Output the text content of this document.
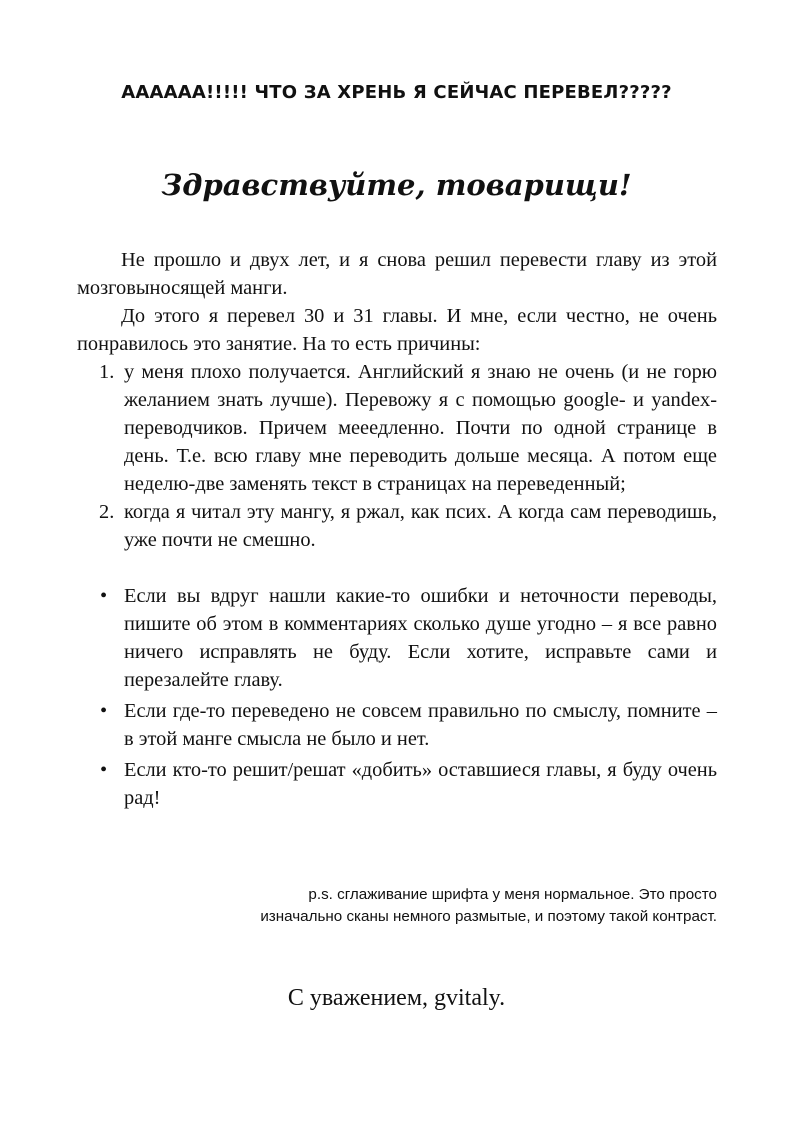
АААААA!!!!! ЧТО ЗА ХРЕНЬ Я СЕЙЧАС ПЕРЕВЕЛ?????
Здравствуйте, товарищи!

Не прошло и двух лет, и я снова решил перевести главу из этой мозговыносящей манги.

До этого я перевел 30 и 31 главы. И мне, если честно, не очень понравилось это занятие. На то есть причины:

1. у меня плохо получается. Английский я знаю не очень (и не горю желанием знать лучше). Перевожу я с помощью google- и yandex- переводчиков. Причем мееедленно. Почти по одной странице в день. Т.е. всю главу мне переводить дольше месяца. А потом еще неделю-две заменять текст в страницах на переведенный;
2. когда я читал эту мангу, я ржал, как псих. А когда сам переводишь, уже почти не смешно.
• Если вы вдруг нашли какие-то ошибки и неточности переводы, пишите об этом в комментариях сколько душе угодно – я все равно ничего исправлять не буду. Если хотите, исправьте сами и перезалейте главу.
• Если где-то переведено не совсем правильно по смыслу, помните – в этой манге смысла не было и нет.
• Если кто-то решит/решат «добить» оставшиеся главы, я буду очень рад!
p.s. сглаживание шрифта у меня нормальное. Это просто
изначально сканы немного размытые, и поэтому такой контраст.
С уважением, gvitaly.
